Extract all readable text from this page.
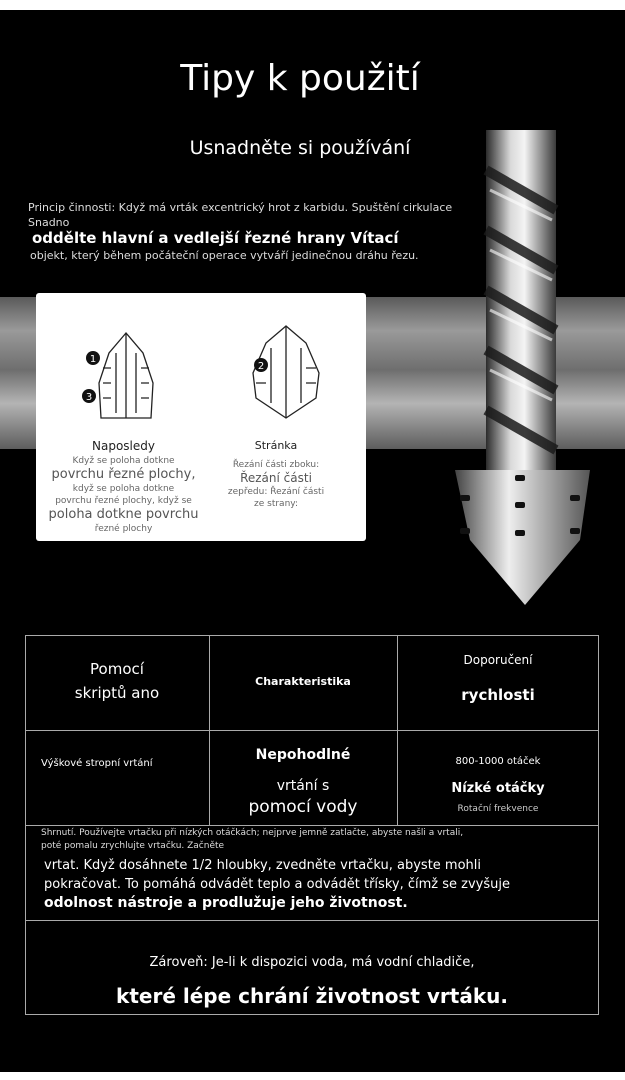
Tipy k použití
Usnadněte si používání
Princip činnosti: Když má vrták excentrický hrot z karbidu. Spuštění cirkulace
Snadno
oddělte hlavní a vedlejší řezné hrany Vítací
objekt, který během počáteční operace vytváří jedinečnou dráhu řezu.
1
3
2
Naposledy	Stránka
Když se poloha dotkne
povrchu řezné plochy,
když se poloha dotkne
povrchu řezné plochy, když se
poloha dotkne povrchu
řezné plochy
Řezání části zboku:
Řezání části
zepředu: Řezání části
ze strany:
Pomocí
skriptů ano
Charakteristika
Doporučení
rychlosti
Výškové stropní vrtání
Nepohodlné
vrtání s
pomocí vody
800-1000 otáček
Nízké otáčky
Rotační frekvence
Shrnutí. Používejte vrtačku při nízkých otáčkách; nejprve jemně zatlačte, abyste našli a vrtali,
poté pomalu zrychlujte vrtačku. Začněte
vrtat. Když dosáhnete 1/2 hloubky, zvedněte vrtačku, abyste mohli
pokračovat. To pomáhá odvádět teplo a odvádět třísky, čímž se zvyšuje
odolnost nástroje a prodlužuje jeho životnost.
Zároveň: Je-li k dispozici voda, má vodní chladiče,
které lépe chrání životnost vrtáku.
